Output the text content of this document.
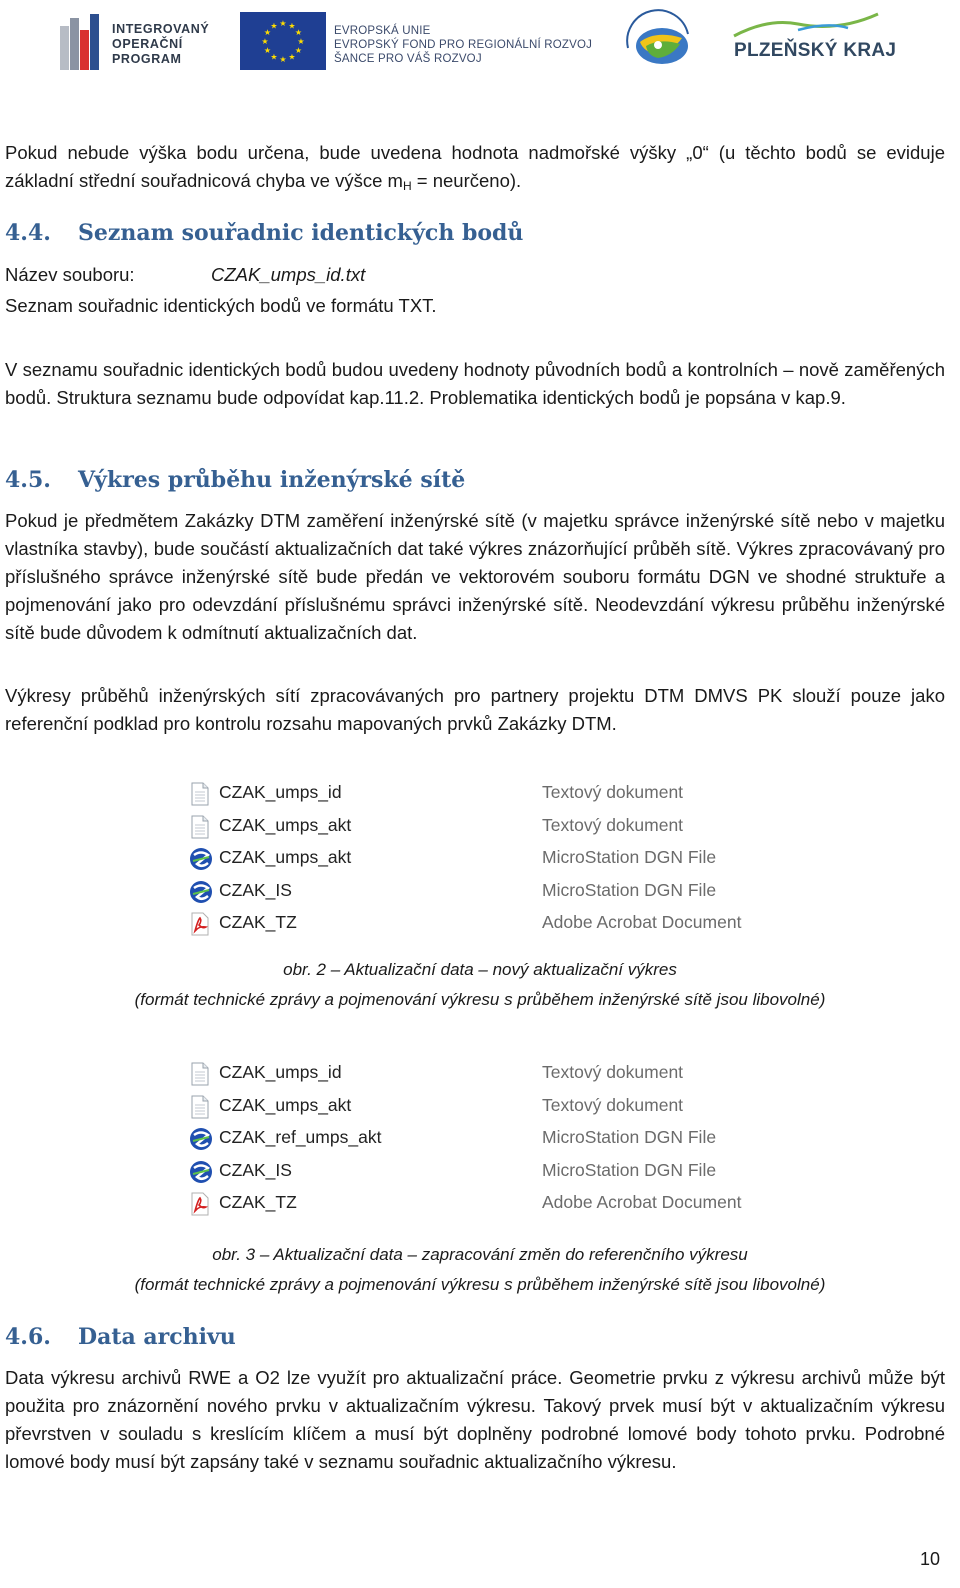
INTEGROVANÝ
OPERAČNÍ
PROGRAM
★ ★
★
★
★
★
★
★
★
★
★
★	EVROPSKÁ UNIE
EVROPSKÝ FOND PRO REGIONÁLNÍ ROZVOJ
ŠANCE PRO VÁŠ ROZVOJ	PLZEŇSKÝ KRAJ

Pokud nebude výška bodu určena, bude uvedena hodnota nadmořské výšky „0“ (u těchto bodů se eviduje základní střední souřadnicová chyba ve výšce $m_H$ = neurčeno).

4.4. Seznam souřadnic identických bodů
Název souboru:	CZAK_umps_id.txt
Seznam souřadnic identických bodů ve formátu TXT.

V seznamu souřadnic identických bodů budou uvedeny hodnoty původních bodů a kontrolních – nově zaměřených bodů. Struktura seznamu bude odpovídat kap.11.2. Problematika identických bodů je popsána v kap.9.

4.5. Výkres průběhu inženýrské sítě

Pokud je předmětem Zakázky DTM zaměření inženýrské sítě (v majetku správce inženýrské sítě nebo v majetku vlastníka stavby), bude součástí aktualizačních dat také výkres znázorňující průběh sítě. Výkres zpracovávaný pro příslušného správce inženýrské sítě bude předán ve vektorovém souboru formátu DGN ve shodné struktuře a pojmenování jako pro odevzdání příslušnému správci inženýrské sítě. Neodevzdání výkresu průběhu inženýrské sítě bude důvodem k odmítnutí aktualizačních dat.

Výkresy průběhů inženýrských sítí zpracovávaných pro partnery projektu DTM DMVS PK slouží pouze jako referenční podklad pro kontrolu rozsahu mapovaných prvků Zakázky DTM.

CZAK_umps_id	Textový dokument
CZAK_umps_akt	Textový dokument
CZAK_umps_akt	MicroStation DGN File
CZAK_IS	MicroStation DGN File
CZAK_TZ	Adobe Acrobat Document

obr. 2 – Aktualizační data – nový aktualizační výkres

(formát technické zprávy a pojmenování výkresu s průběhem inženýrské sítě jsou libovolné)

CZAK_umps_id	Textový dokument
CZAK_umps_akt	Textový dokument
CZAK_ref_umps_akt	MicroStation DGN File
CZAK_IS	MicroStation DGN File
CZAK_TZ	Adobe Acrobat Document

obr. 3 – Aktualizační data – zapracování změn do referenčního výkresu

(formát technické zprávy a pojmenování výkresu s průběhem inženýrské sítě jsou libovolné)

4.6. Data archivu

Data výkresu archivů RWE a O2 lze využít pro aktualizační práce. Geometrie prvku z výkresu archivů může být použita pro znázornění nového prvku v aktualizačním výkresu. Takový prvek musí být v aktualizačním výkresu převrstven v souladu s kreslícím klíčem a musí být doplněny podrobné lomové body tohoto prvku. Podrobné lomové body musí být zapsány také v seznamu souřadnic aktualizačního výkresu.

10
